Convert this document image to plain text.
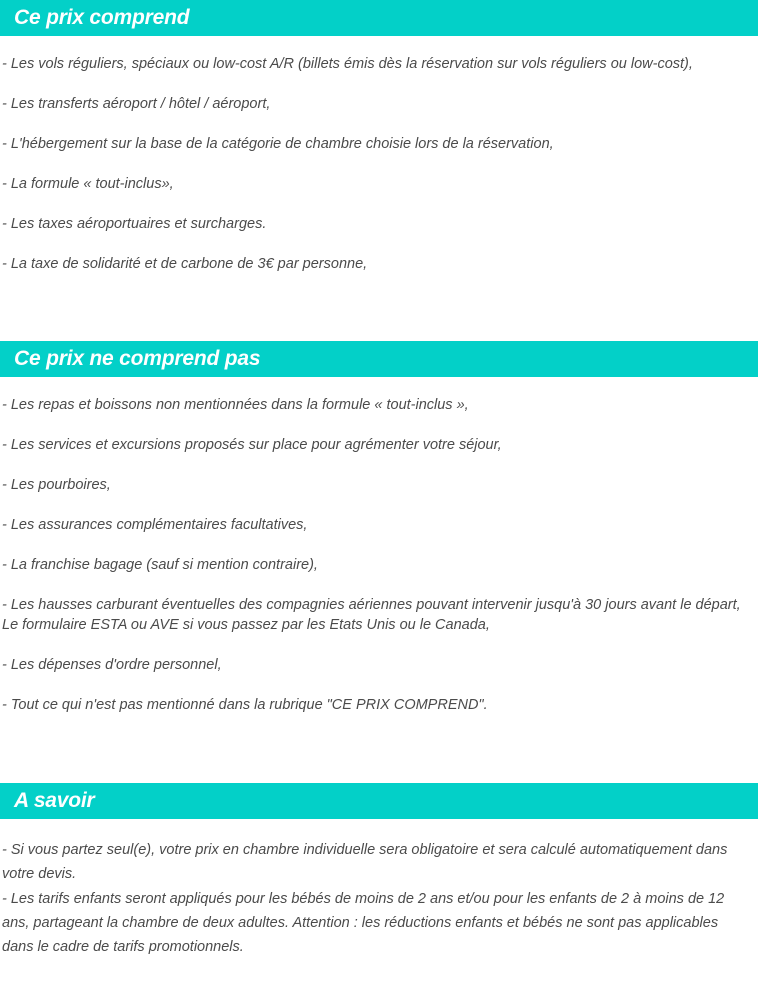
Ce prix comprend

- Les vols réguliers, spéciaux ou low-cost A/R (billets émis dès la réservation sur vols réguliers ou low-cost),

- Les transferts aéroport / hôtel / aéroport,

- L'hébergement sur la base de la catégorie de chambre choisie lors de la réservation,

- La formule « tout-inclus»,

- Les taxes aéroportuaires et surcharges.

- La taxe de solidarité et de carbone de 3€ par personne,

Ce prix ne comprend pas

- Les repas et boissons non mentionnées dans la formule « tout-inclus »,

- Les services et excursions proposés sur place pour agrémenter votre séjour,

- Les pourboires,

- Les assurances complémentaires facultatives,

- La franchise bagage (sauf si mention contraire),

- Les hausses carburant éventuelles des compagnies aériennes pouvant intervenir jusqu'à 30 jours avant le départ, Le formulaire ESTA ou AVE si vous passez par les Etats Unis ou le Canada,

- Les dépenses d'ordre personnel,

- Tout ce qui n'est pas mentionné dans la rubrique "CE PRIX COMPREND".

A savoir

- Si vous partez seul(e), votre prix en chambre individuelle sera obligatoire et sera calculé automatiquement dans votre devis.

- Les tarifs enfants seront appliqués pour les bébés de moins de 2 ans et/ou pour les enfants de 2 à moins de 12 ans, partageant la chambre de deux adultes. Attention : les réductions enfants et bébés ne sont pas applicables dans le cadre de tarifs promotionnels.
